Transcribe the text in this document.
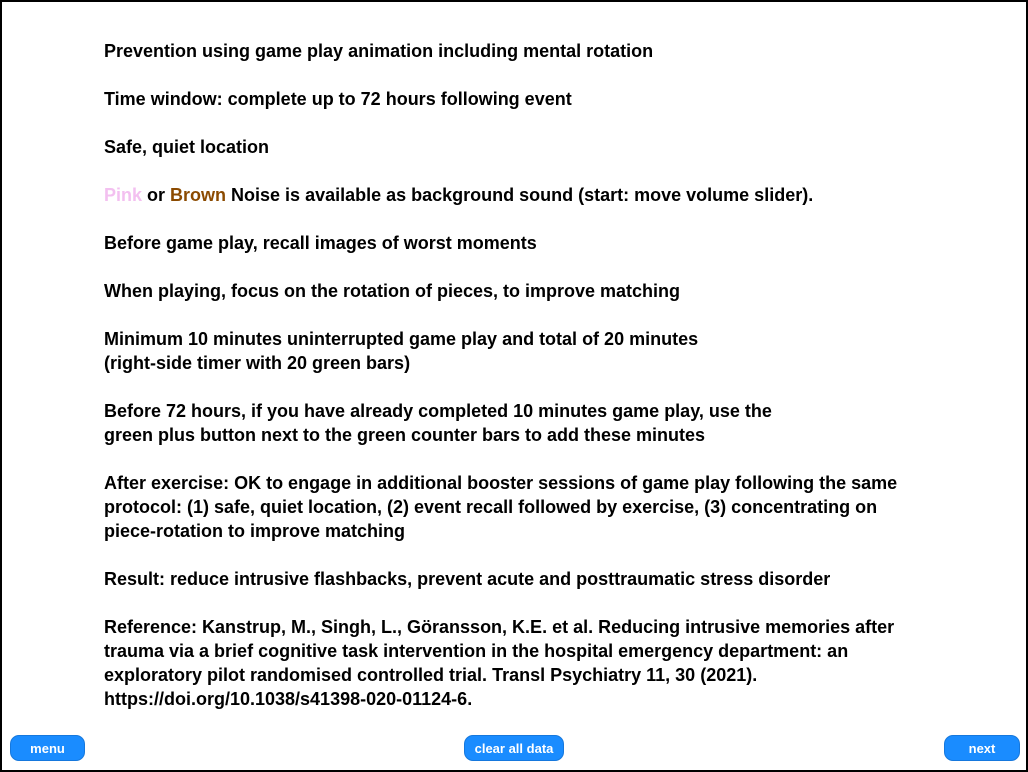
Prevention using game play animation including mental rotation

Time window: complete up to 72 hours following event

Safe, quiet location

Pink or Brown Noise is available as background sound (start: move volume slider).

Before game play, recall images of worst moments

When playing, focus on the rotation of pieces, to improve matching

Minimum 10 minutes uninterrupted game play and total of 20 minutes
(right-side timer with 20 green bars)

Before 72 hours, if you have already completed 10 minutes game play, use the
green plus button next to the green counter bars to add these minutes

After exercise: OK to engage in additional booster sessions of game play following the same
protocol: (1) safe, quiet location, (2) event recall followed by exercise, (3) concentrating on
piece-rotation to improve matching

Result: reduce intrusive flashbacks, prevent acute and posttraumatic stress disorder

Reference: Kanstrup, M., Singh, L., Göransson, K.E. et al. Reducing intrusive memories after
trauma via a brief cognitive task intervention in the hospital emergency department: an
exploratory pilot randomised controlled trial. Transl Psychiatry 11, 30 (2021).
https://doi.org/10.1038/s41398-020-01124-6.

menu	clear all data	next
